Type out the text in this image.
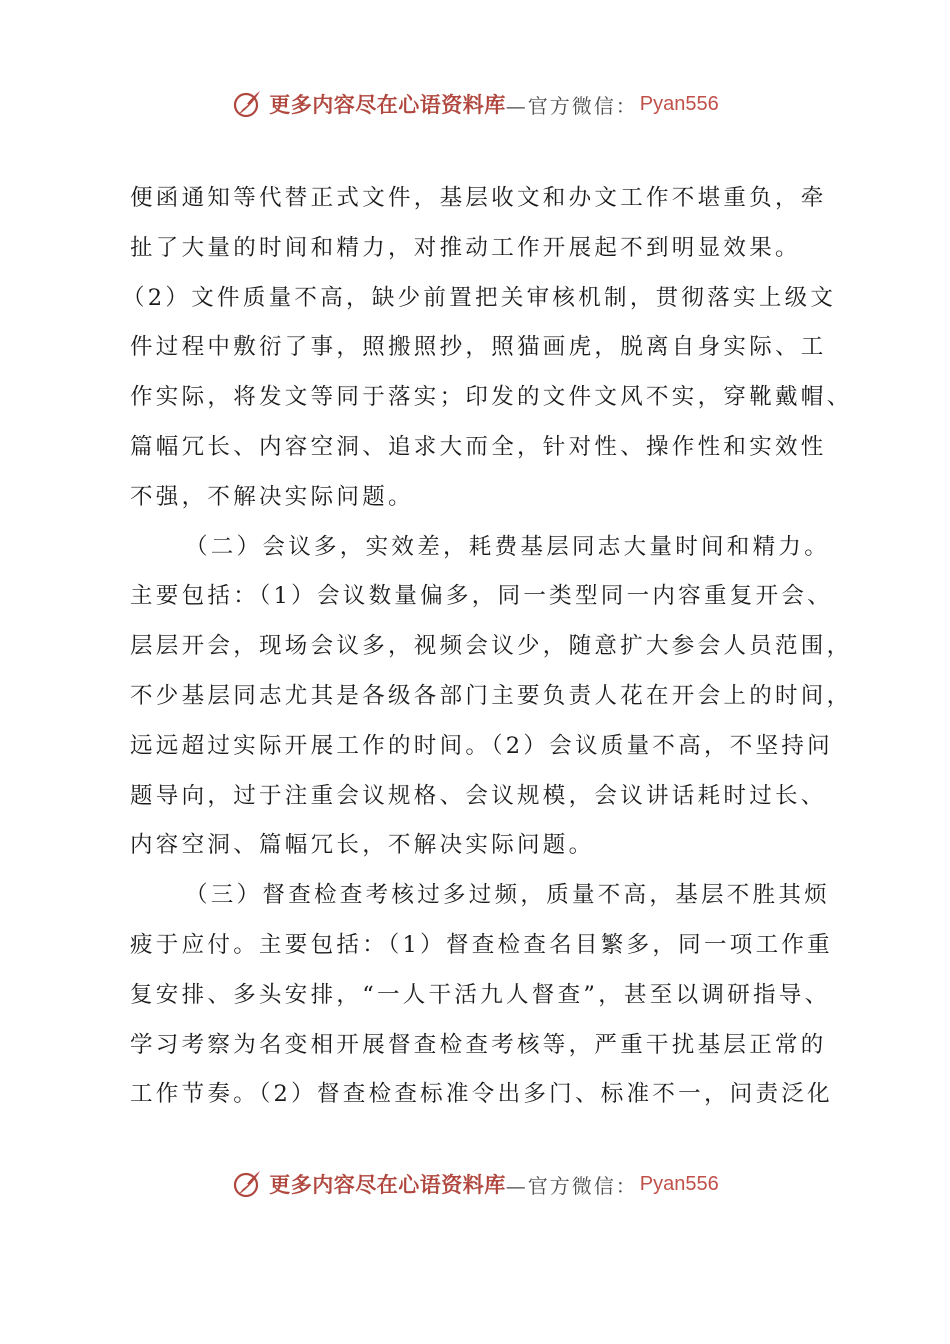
更多内容尽在心语资料库 —官方微信： Pyan556
便函通知等代替正式文件，基层收文和办文工作不堪重负，牵
扯了大量的时间和精力，对推动工作开展起不到明显效果。
（2）文件质量不高，缺少前置把关审核机制，贯彻落实上级文
件过程中敷衍了事，照搬照抄，照猫画虎，脱离自身实际、工
作实际，将发文等同于落实；印发的文件文风不实，穿靴戴帽、
篇幅冗长、内容空洞、追求大而全，针对性、操作性和实效性
不强，不解决实际问题。
（二）会议多，实效差，耗费基层同志大量时间和精力。
主要包括：（1）会议数量偏多，同一类型同一内容重复开会、
层层开会，现场会议多，视频会议少，随意扩大参会人员范围，
不少基层同志尤其是各级各部门主要负责人花在开会上的时间，
远远超过实际开展工作的时间。（2）会议质量不高，不坚持问
题导向，过于注重会议规格、会议规模，会议讲话耗时过长、
内容空洞、篇幅冗长，不解决实际问题。
（三）督查检查考核过多过频，质量不高，基层不胜其烦
疲于应付。主要包括：（1）督查检查名目繁多，同一项工作重
复安排、多头安排，“一人干活九人督查”，甚至以调研指导、
学习考察为名变相开展督查检查考核等，严重干扰基层正常的
工作节奏。（2）督查检查标准令出多门、标准不一，问责泛化
更多内容尽在心语资料库 —官方微信： Pyan556
